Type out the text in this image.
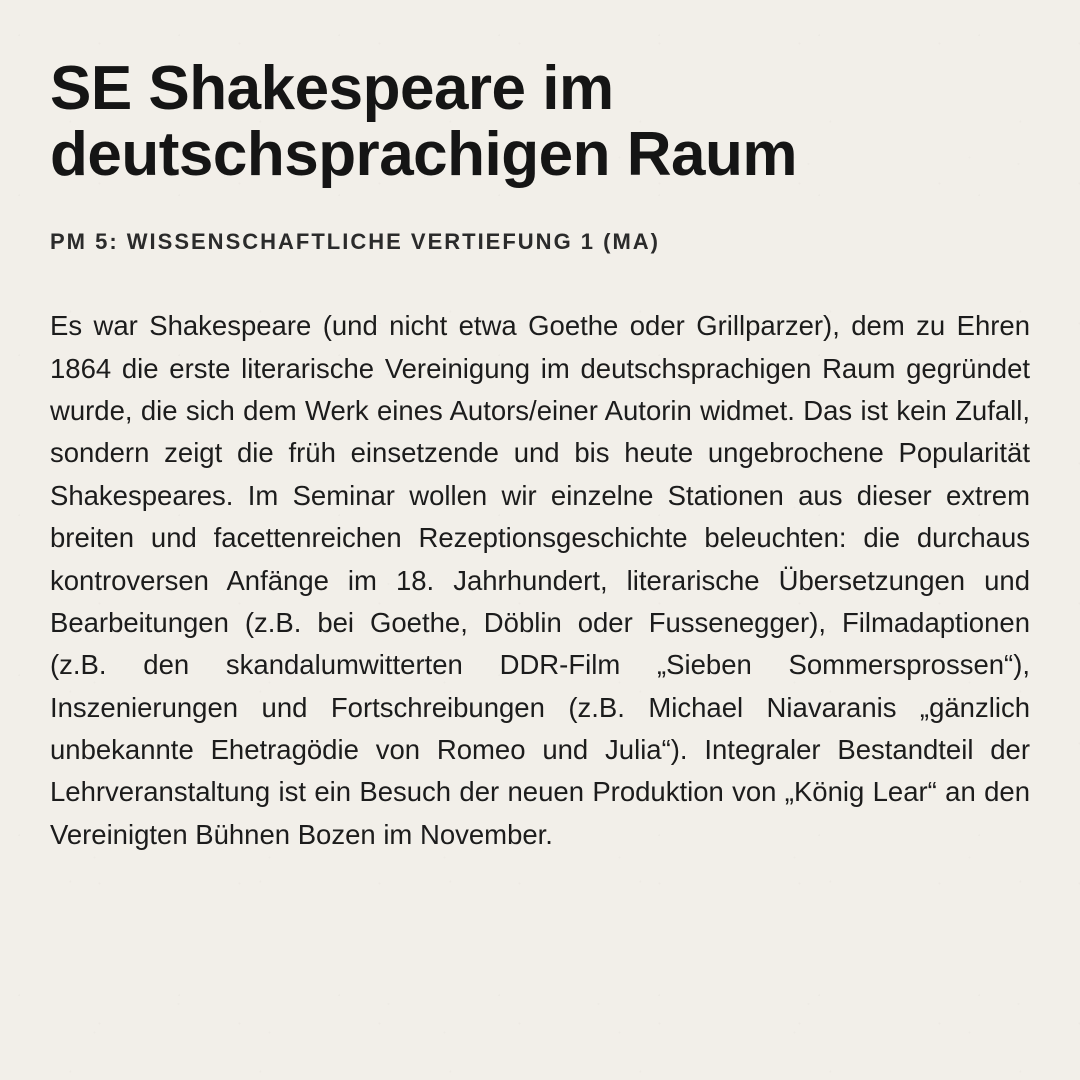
SE Shakespeare im deutschsprachigen Raum
PM 5: WISSENSCHAFTLICHE VERTIEFUNG 1 (MA)

Es war Shakespeare (und nicht etwa Goethe oder Grillparzer), dem zu Ehren 1864 die erste literarische Vereinigung im deutschsprachigen Raum gegründet wurde, die sich dem Werk eines Autors/einer Autorin widmet. Das ist kein Zufall, sondern zeigt die früh einsetzende und bis heute ungebrochene Popularität Shakespeares. Im Seminar wollen wir einzelne Stationen aus dieser extrem breiten und facettenreichen Rezeptionsgeschichte beleuchten: die durchaus kontroversen Anfänge im 18. Jahrhundert, literarische Übersetzungen und Bearbeitungen (z.B. bei Goethe, Döblin oder Fussenegger), Filmadaptionen (z.B. den skandalumwitterten DDR-Film „Sieben Sommersprossen“), Inszenierungen und Fortschreibungen (z.B. Michael Niavaranis „gänzlich unbekannte Ehetragödie von Romeo und Julia“). Integraler Bestandteil der Lehrveranstaltung ist ein Besuch der neuen Produktion von „König Lear“ an den Vereinigten Bühnen Bozen im November.
